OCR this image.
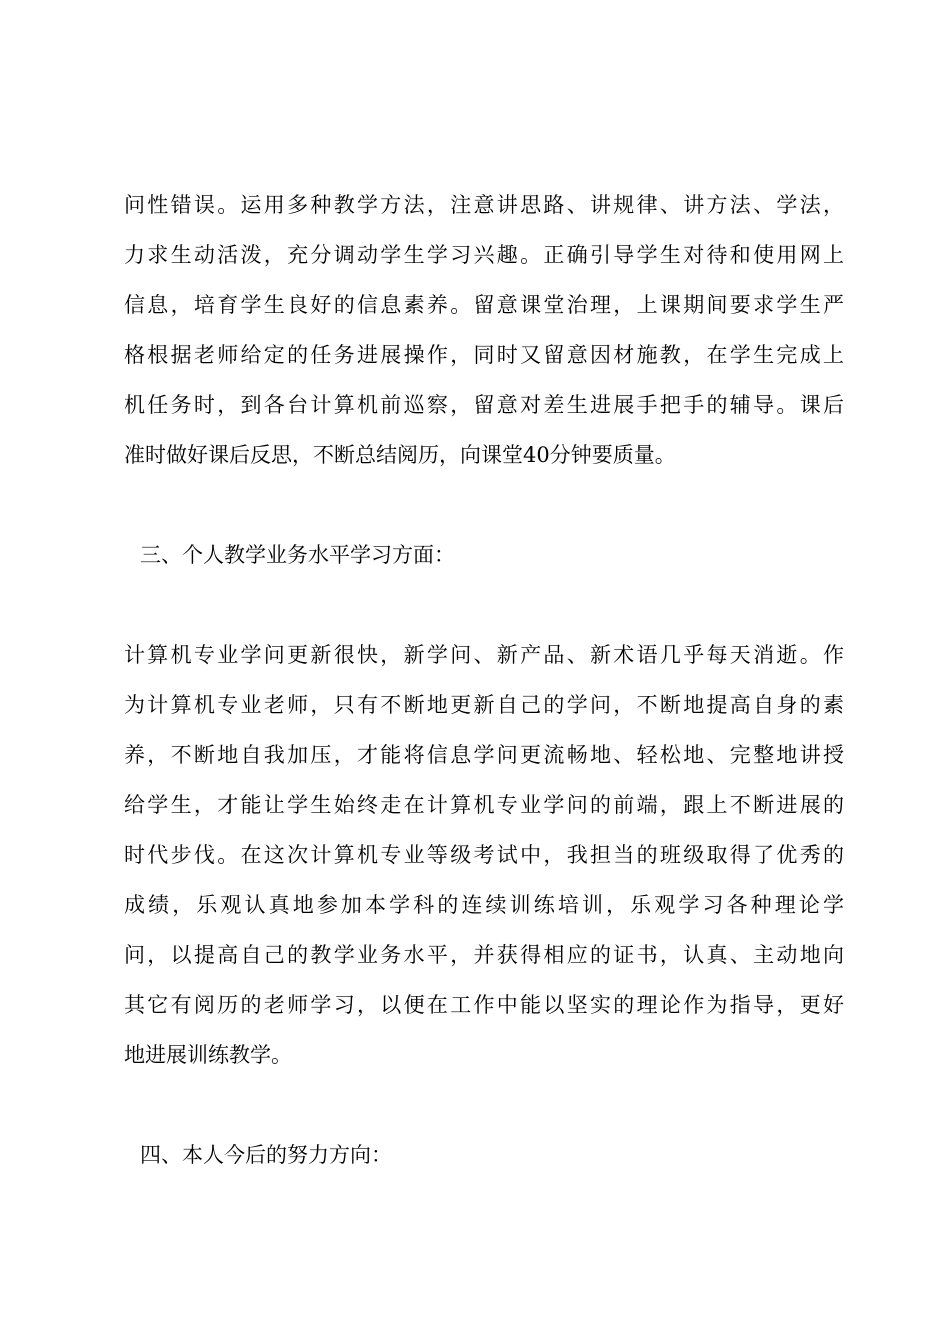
问性错误。运用多种教学方法，注意讲思路、讲规律、讲方法、学法，
力求生动活泼，充分调动学生学习兴趣。正确引导学生对待和使用网上
信息，培育学生良好的信息素养。留意课堂治理，上课期间要求学生严
格根据老师给定的任务进展操作，同时又留意因材施教，在学生完成上
机任务时，到各台计算机前巡察，留意对差生进展手把手的辅导。课后
准时做好课后反思，不断总结阅历，向课堂40分钟要质量。
三、个人教学业务水平学习方面：
计算机专业学问更新很快，新学问、新产品、新术语几乎每天消逝。作
为计算机专业老师，只有不断地更新自己的学问，不断地提高自身的素
养，不断地自我加压，才能将信息学问更流畅地、轻松地、完整地讲授
给学生，才能让学生始终走在计算机专业学问的前端，跟上不断进展的
时代步伐。在这次计算机专业等级考试中，我担当的班级取得了优秀的
成绩，乐观认真地参加本学科的连续训练培训，乐观学习各种理论学
问，以提高自己的教学业务水平，并获得相应的证书，认真、主动地向
其它有阅历的老师学习，以便在工作中能以坚实的理论作为指导，更好
地进展训练教学。
四、本人今后的努力方向：
